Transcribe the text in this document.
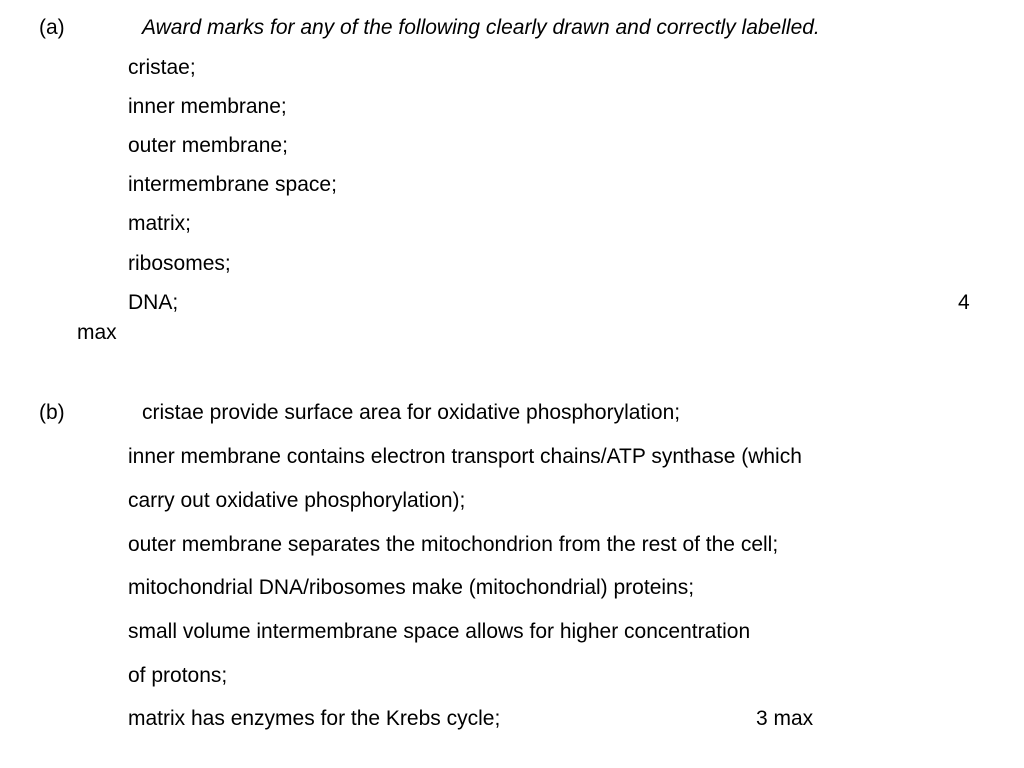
(a)	Award marks for any of the following clearly drawn and correctly labelled.
cristae;
inner membrane;
outer membrane;
intermembrane space;
matrix;
ribosomes;
DNA;	4
max
(b)	cristae provide surface area for oxidative phosphorylation;
inner membrane contains electron transport chains/ATP synthase (which
carry out oxidative phosphorylation);
outer membrane separates the mitochondrion from the rest of the cell;
mitochondrial DNA/ribosomes make (mitochondrial) proteins;
small volume intermembrane space allows for higher concentration
of protons;
matrix has enzymes for the Krebs cycle;	3 max
